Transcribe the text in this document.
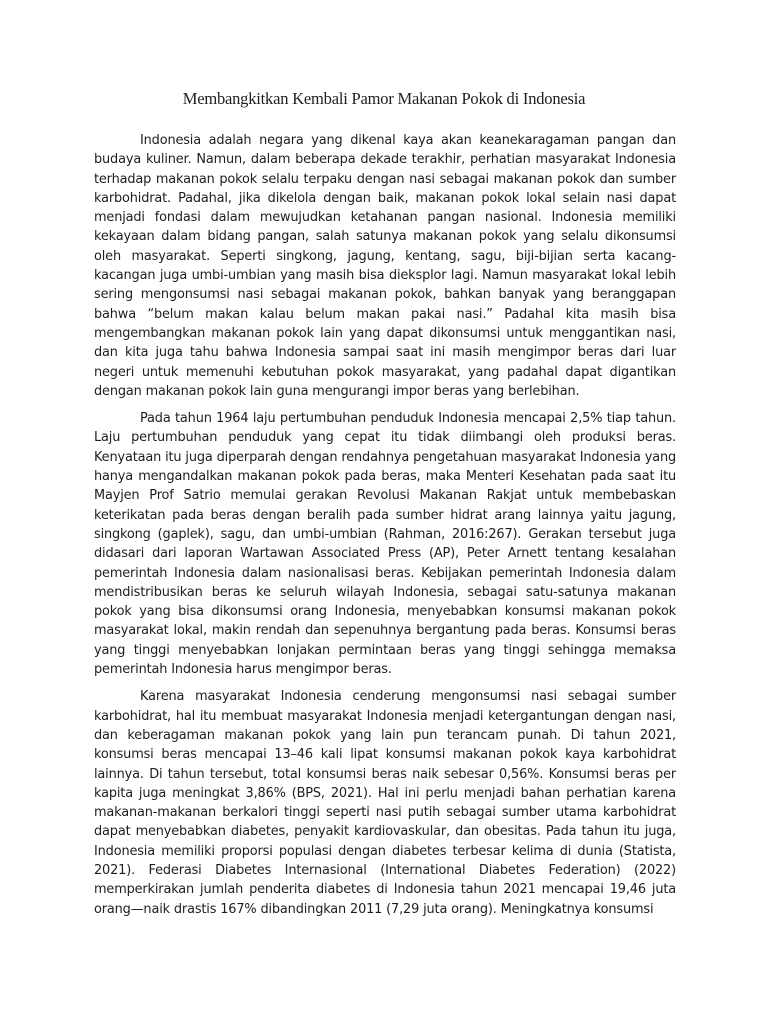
Membangkitkan Kembali Pamor Makanan Pokok di Indonesia

Indonesia adalah negara yang dikenal kaya akan keanekaragaman pangan dan budaya kuliner. Namun, dalam beberapa dekade terakhir, perhatian masyarakat Indonesia terhadap makanan pokok selalu terpaku dengan nasi sebagai makanan pokok dan sumber karbohidrat. Padahal, jika dikelola dengan baik, makanan pokok lokal selain nasi dapat menjadi fondasi dalam mewujudkan ketahanan pangan nasional. Indonesia memiliki kekayaan dalam bidang pangan, salah satunya makanan pokok yang selalu dikonsumsi oleh masyarakat. Seperti singkong, jagung, kentang, sagu, biji-bijian serta kacang-kacangan juga umbi-umbian yang masih bisa dieksplor lagi. Namun masyarakat lokal lebih sering mengonsumsi nasi sebagai makanan pokok, bahkan banyak yang beranggapan bahwa “belum makan kalau belum makan pakai nasi.” Padahal kita masih bisa mengembangkan makanan pokok lain yang dapat dikonsumsi untuk menggantikan nasi, dan kita juga tahu bahwa Indonesia sampai saat ini masih mengimpor beras dari luar negeri untuk memenuhi kebutuhan pokok masyarakat, yang padahal dapat digantikan dengan makanan pokok lain guna mengurangi impor beras yang berlebihan.

Pada tahun 1964 laju pertumbuhan penduduk Indonesia mencapai 2,5% tiap tahun. Laju pertumbuhan penduduk yang cepat itu tidak diimbangi oleh produksi beras. Kenyataan itu juga diperparah dengan rendahnya pengetahuan masyarakat Indonesia yang hanya mengandalkan makanan pokok pada beras, maka Menteri Kesehatan pada saat itu Mayjen Prof Satrio memulai gerakan Revolusi Makanan Rakjat untuk membebaskan keterikatan pada beras dengan beralih pada sumber hidrat arang lainnya yaitu jagung, singkong (gaplek), sagu, dan umbi-umbian (Rahman, 2016:267). Gerakan tersebut juga didasari dari laporan Wartawan Associated Press (AP), Peter Arnett tentang kesalahan pemerintah Indonesia dalam nasionalisasi beras. Kebijakan pemerintah Indonesia dalam mendistribusikan beras ke seluruh wilayah Indonesia, sebagai satu-satunya makanan pokok yang bisa dikonsumsi orang Indonesia, menyebabkan konsumsi makanan pokok masyarakat lokal, makin rendah dan sepenuhnya bergantung pada beras. Konsumsi beras yang tinggi menyebabkan lonjakan permintaan beras yang tinggi sehingga memaksa pemerintah Indonesia harus mengimpor beras.

Karena masyarakat Indonesia cenderung mengonsumsi nasi sebagai sumber karbohidrat, hal itu membuat masyarakat Indonesia menjadi ketergantungan dengan nasi, dan keberagaman makanan pokok yang lain pun terancam punah. Di tahun 2021, konsumsi beras mencapai 13–46 kali lipat konsumsi makanan pokok kaya karbohidrat lainnya. Di tahun tersebut, total konsumsi beras naik sebesar 0,56%. Konsumsi beras per kapita juga meningkat 3,86% (BPS, 2021). Hal ini perlu menjadi bahan perhatian karena makanan-makanan berkalori tinggi seperti nasi putih sebagai sumber utama karbohidrat dapat menyebabkan diabetes, penyakit kardiovaskular, dan obesitas. Pada tahun itu juga, Indonesia memiliki proporsi populasi dengan diabetes terbesar kelima di dunia (Statista, 2021). Federasi Diabetes Internasional (International Diabetes Federation) (2022) memperkirakan jumlah penderita diabetes di Indonesia tahun 2021 mencapai 19,46 juta orang—naik drastis 167% dibandingkan 2011 (7,29 juta orang). Meningkatnya konsumsi
